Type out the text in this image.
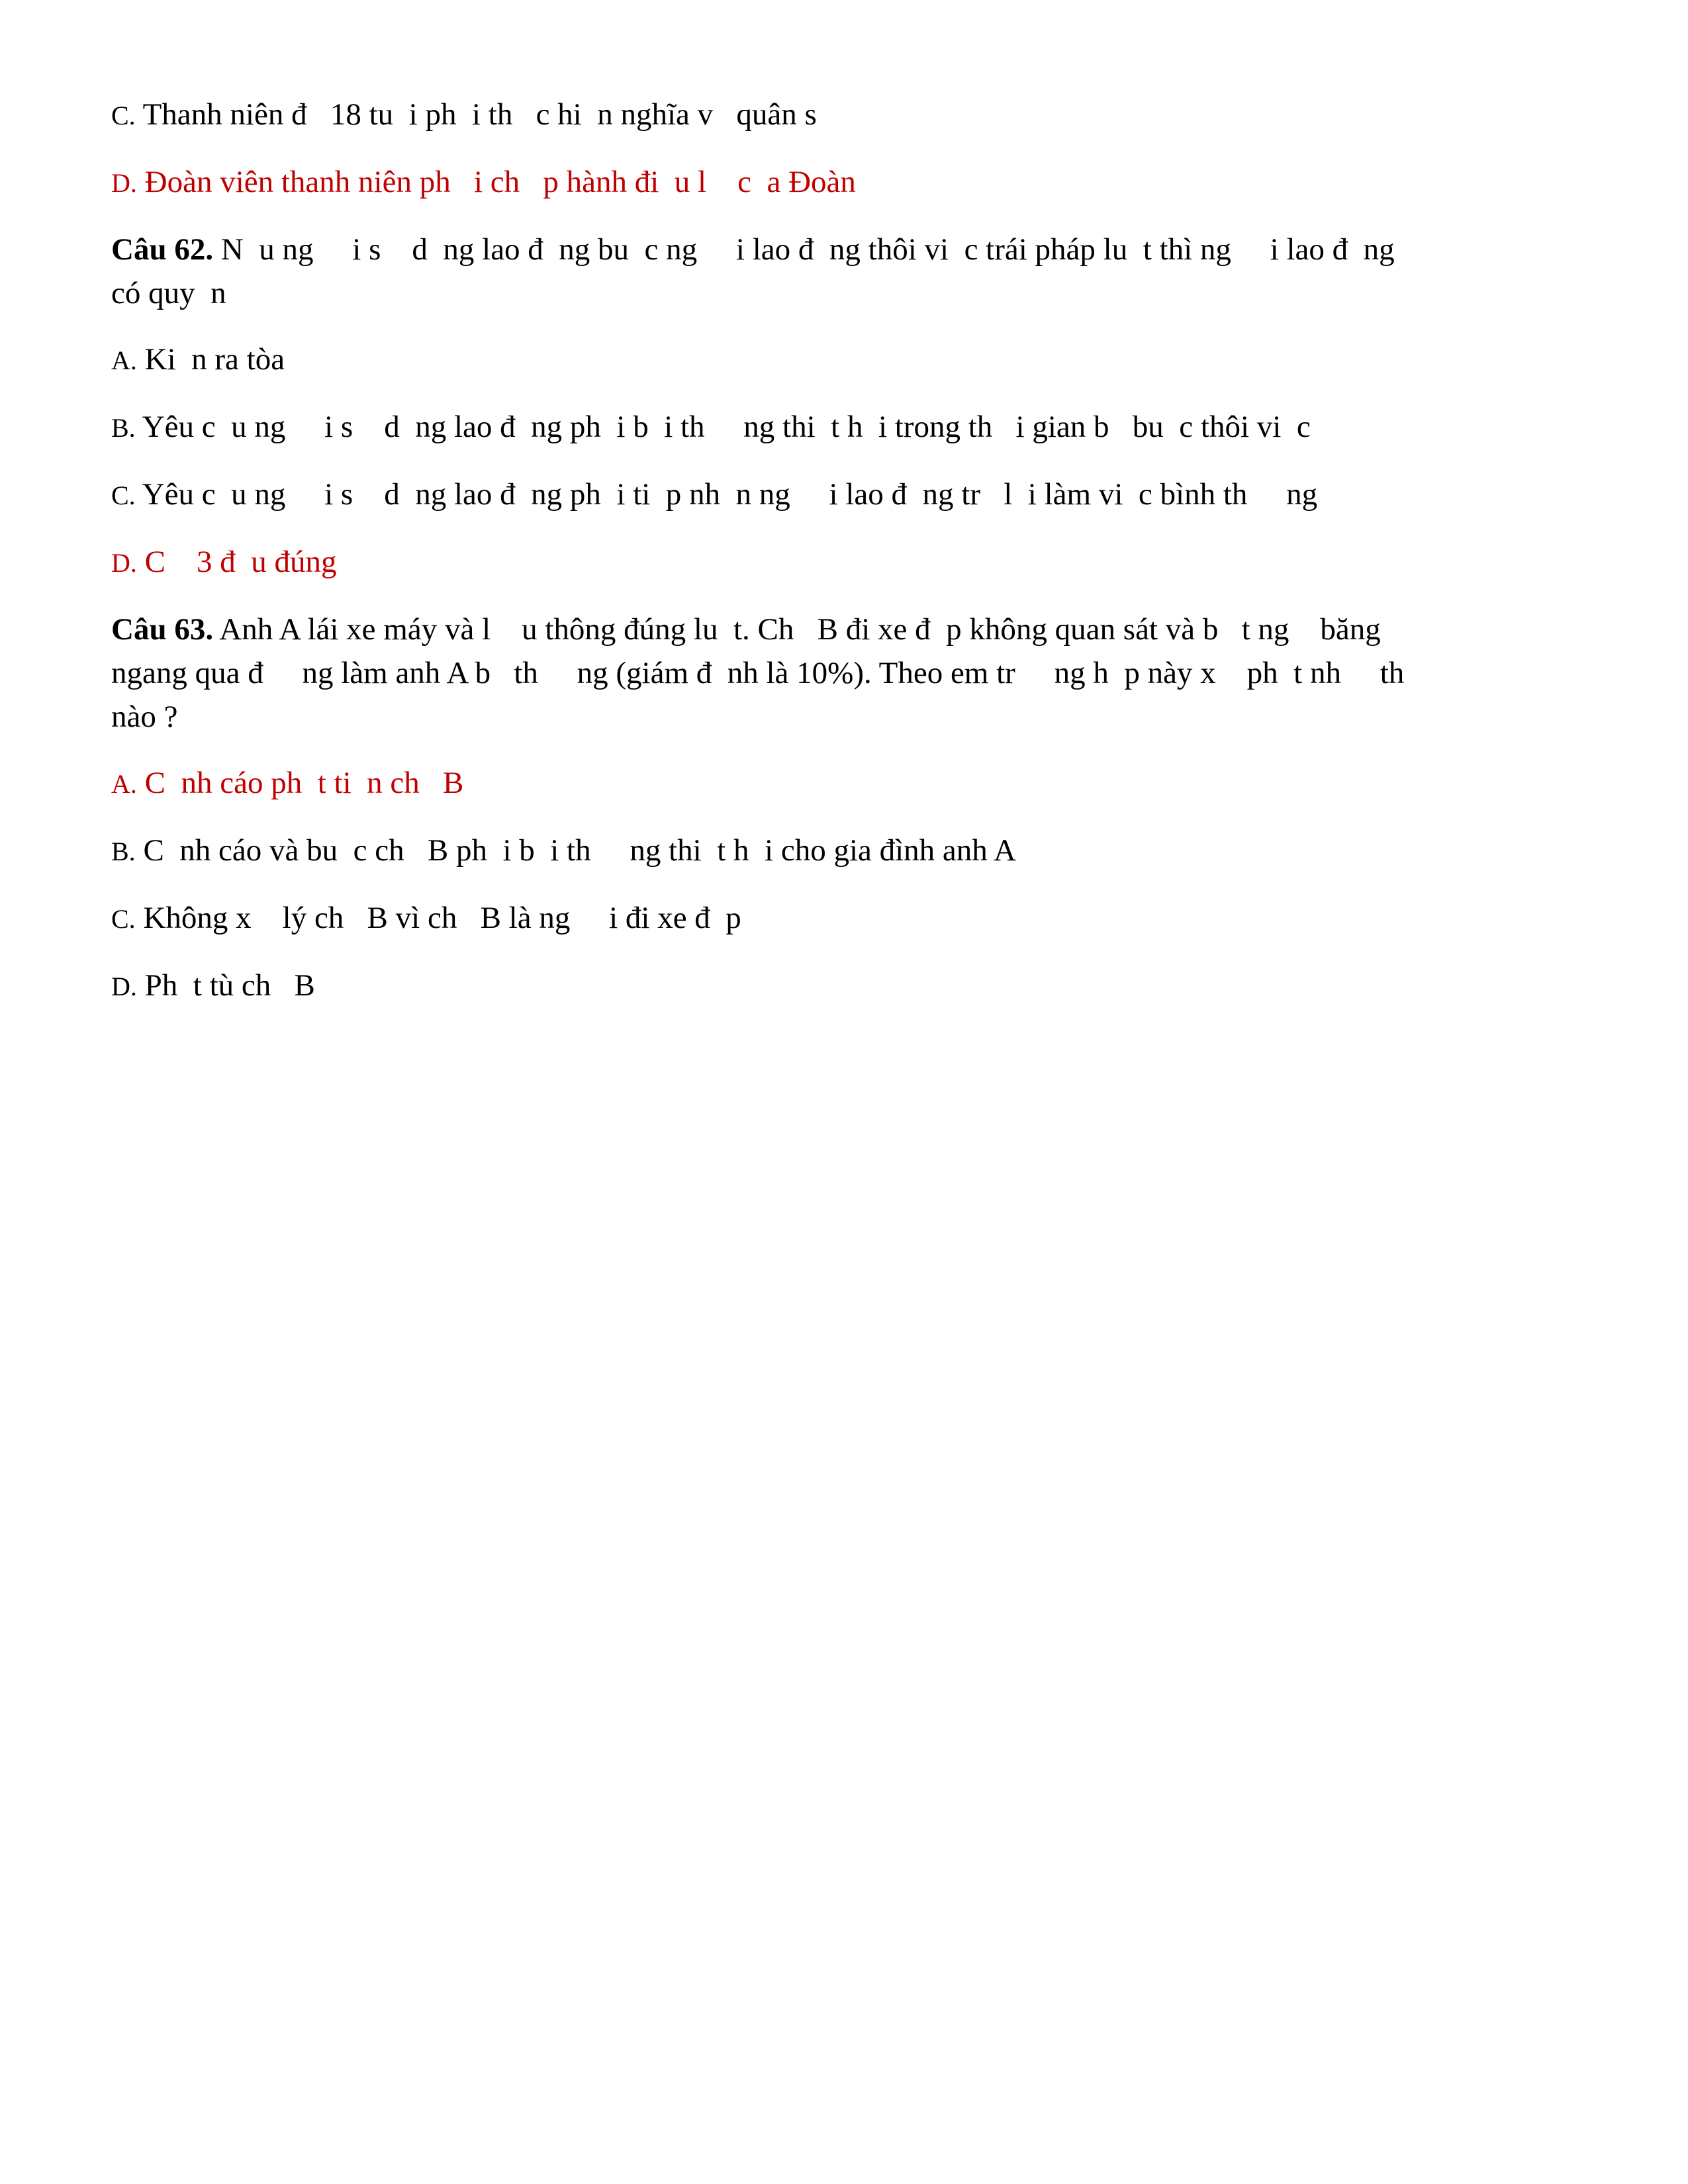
C. Thanh niên đ   18 tu  i ph  i th   c hi  n nghĩa v   quân s

D. Đoàn viên thanh niên ph   i ch   p hành đi  u l    c  a Đoàn

Câu 62. N  u ng     i s    d  ng lao đ  ng bu  c ng     i lao đ  ng thôi vi  c trái pháp lu  t thì ng     i lao đ  ng

có quy  n

A. Ki  n ra tòa

B. Yêu c  u ng     i s    d  ng lao đ  ng ph  i b  i th     ng thi  t h  i trong th   i gian b   bu  c thôi vi  c

C. Yêu c  u ng     i s    d  ng lao đ  ng ph  i ti  p nh  n ng     i lao đ  ng tr   l  i làm vi  c bình th     ng

D. C    3 đ  u đúng

Câu 63. Anh A lái xe máy và l    u thông đúng lu  t. Ch   B đi xe đ  p không quan sát và b   t ng    băng

ngang qua đ     ng làm anh A b   th     ng (giám đ  nh là 10%). Theo em tr     ng h  p này x    ph  t nh     th

nào ?

A. C  nh cáo ph  t ti  n ch   B

B. C  nh cáo và bu  c ch   B ph  i b  i th     ng thi  t h  i cho gia đình anh A

C. Không x    lý ch   B vì ch   B là ng     i đi xe đ  p

D. Ph  t tù ch   B
